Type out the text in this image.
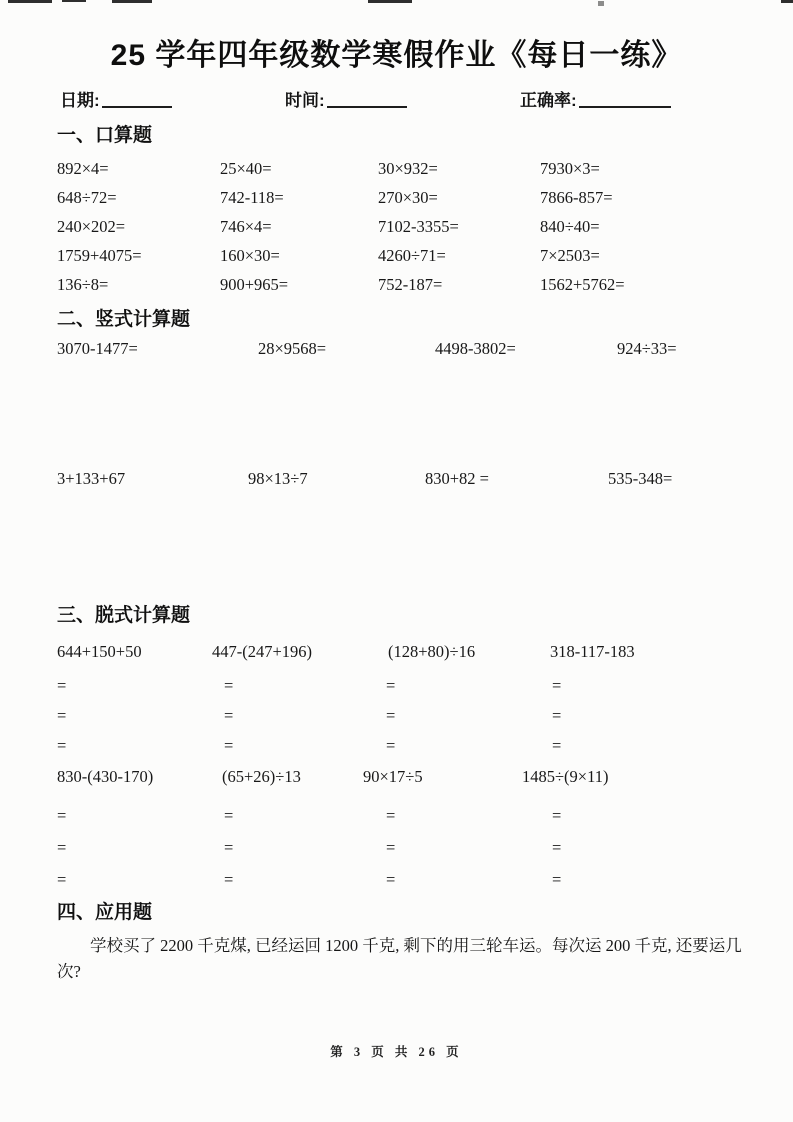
25 学年四年级数学寒假作业《每日一练》
日期:	时间:	正确率:
一、口算题
892×4=	25×40=	30×932=	7930×3=
648÷72=	742-118=	270×30=	7866-857=
240×202=	746×4=	7102-3355=	840÷40=
1759+4075=	160×30=	4260÷71=	7×2503=
136÷8=	900+965=	752-187=	1562+5762=
二、竖式计算题
3070-1477=	28×9568=	4498-3802=	924÷33=
3+133+67	98×13÷7	830+82 =	535-348=
三、脱式计算题
644+150+50	447-(247+196)	(128+80)÷16	318-117-183
=	=	=	=
=	=	=	=
=	=	=	=
830-(430-170)	(65+26)÷13	90×17÷5	1485÷(9×11)
=	=	=	=
=	=	=	=
=	=	=	=
四、应用题

学校买了 2200 千克煤, 已经运回 1200 千克, 剩下的用三轮车运。每次运 200 千克, 还要运几次?

第 3 页 共 26 页
